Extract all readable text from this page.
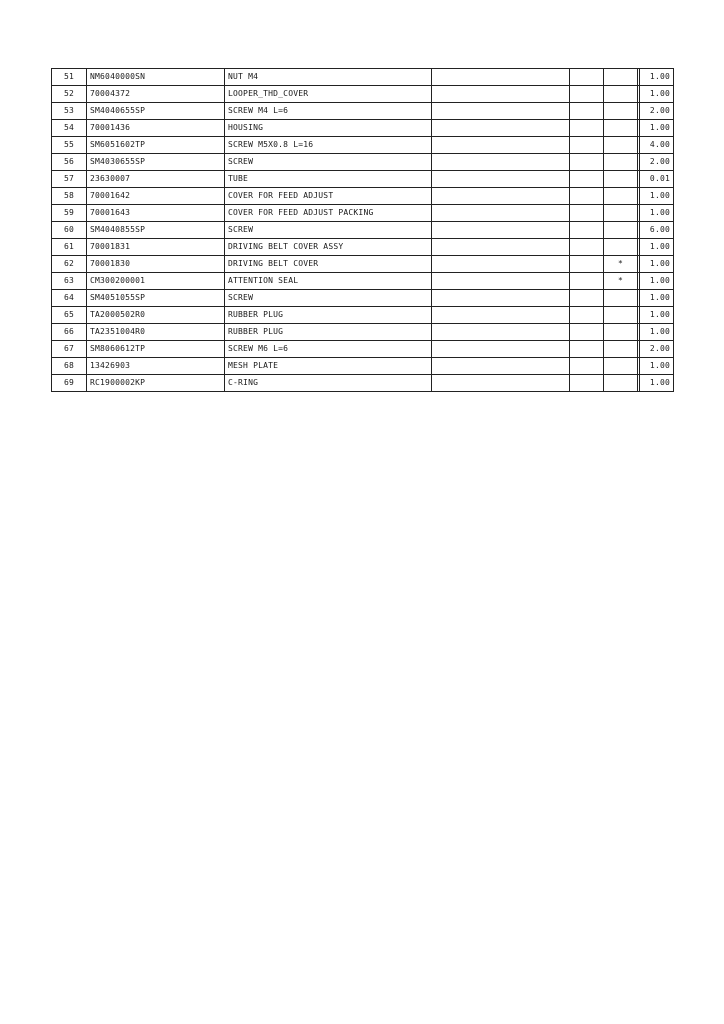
51	NM6040000SN	NUT M4					1.00
52	70004372	LOOPER_THD_COVER					1.00
53	SM4040655SP	SCREW M4 L=6					2.00
54	70001436	HOUSING					1.00
55	SM6051602TP	SCREW M5X0.8 L=16					4.00
56	SM4030655SP	SCREW					2.00
57	23630007	TUBE					0.01
58	70001642	COVER FOR FEED ADJUST					1.00
59	70001643	COVER FOR FEED ADJUST PACKING					1.00
60	SM4040855SP	SCREW					6.00
61	70001831	DRIVING BELT COVER ASSY					1.00
62	70001830	DRIVING BELT COVER			*		1.00
63	CM300200001	ATTENTION SEAL			*		1.00
64	SM4051055SP	SCREW					1.00
65	TA2000502R0	RUBBER PLUG					1.00
66	TA2351004R0	RUBBER PLUG					1.00
67	SM8060612TP	SCREW M6 L=6					2.00
68	13426903	MESH PLATE					1.00
69	RC1900002KP	C-RING					1.00
